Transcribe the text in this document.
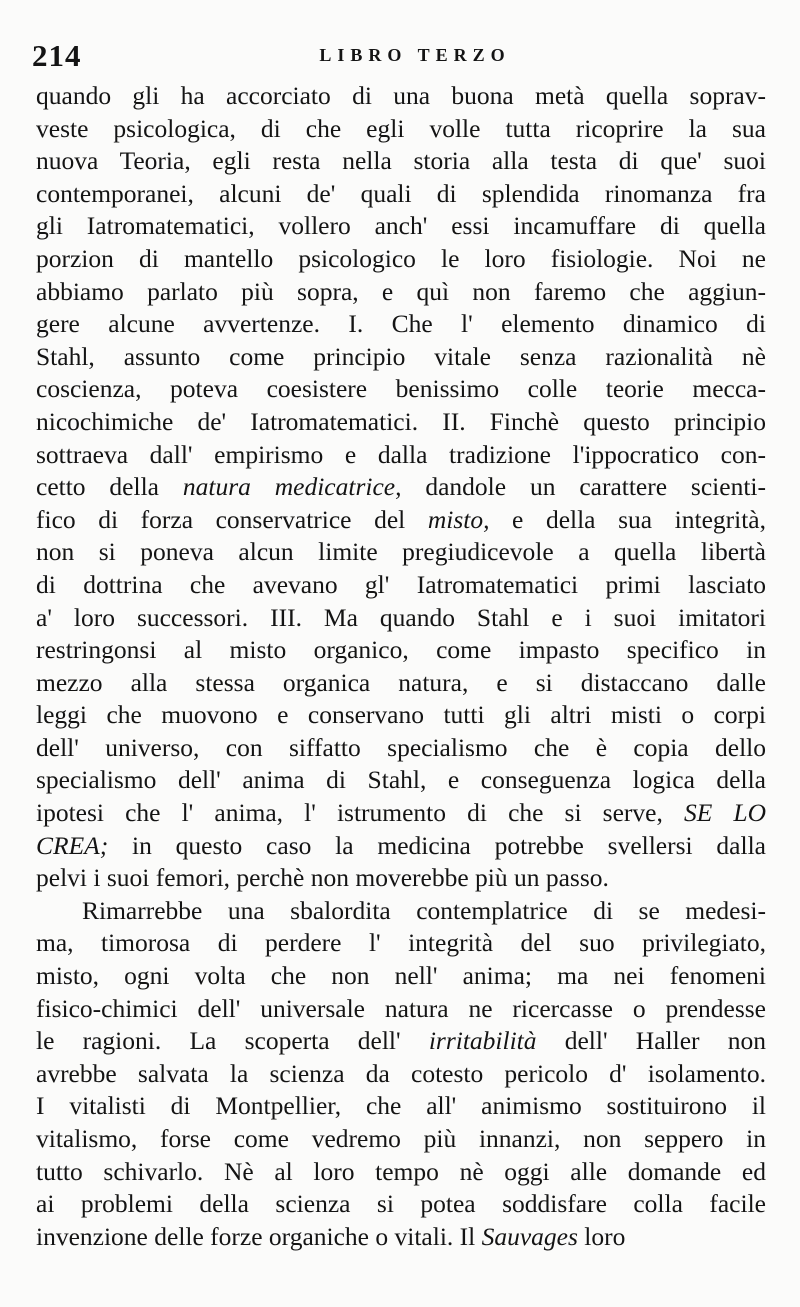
214	LIBRO TERZO
quando gli ha accorciato di una buona metà quella soprav-
veste psicologica, di che egli volle tutta ricoprire la sua
nuova Teoria, egli resta nella storia alla testa di que' suoi
contemporanei, alcuni de' quali di splendida rinomanza fra
gli Iatromatematici, vollero anch' essi incamuffare di quella
porzion di mantello psicologico le loro fisiologie. Noi ne
abbiamo parlato più sopra, e quì non faremo che aggiun-
gere alcune avvertenze. I. Che l' elemento dinamico di
Stahl, assunto come principio vitale senza razionalità nè
coscienza, poteva coesistere benissimo colle teorie mecca-
nicochimiche de' Iatromatematici. II. Finchè questo principio
sottraeva dall' empirismo e dalla tradizione l'ippocratico con-
cetto della natura medicatrice, dandole un carattere scienti-
fico di forza conservatrice del misto, e della sua integrità,
non si poneva alcun limite pregiudicevole a quella libertà
di dottrina che avevano gl' Iatromatematici primi lasciato
a' loro successori. III. Ma quando Stahl e i suoi imitatori
restringonsi al misto organico, come impasto specifico in
mezzo alla stessa organica natura, e si distaccano dalle
leggi che muovono e conservano tutti gli altri misti o corpi
dell' universo, con siffatto specialismo che è copia dello
specialismo dell' anima di Stahl, e conseguenza logica della
ipotesi che l' anima, l' istrumento di che si serve, SE LO
CREA; in questo caso la medicina potrebbe svellersi dalla
pelvi i suoi femori, perchè non moverebbe più un passo.
Rimarrebbe una sbalordita contemplatrice di se medesi-
ma, timorosa di perdere l' integrità del suo privilegiato,
misto, ogni volta che non nell' anima; ma nei fenomeni
fisico-chimici dell' universale natura ne ricercasse o prendesse
le ragioni. La scoperta dell' irritabilità dell' Haller non
avrebbe salvata la scienza da cotesto pericolo d' isolamento.
I vitalisti di Montpellier, che all' animismo sostituirono il
vitalismo, forse come vedremo più innanzi, non seppero in
tutto schivarlo. Nè al loro tempo nè oggi alle domande ed
ai problemi della scienza si potea soddisfare colla facile
invenzione delle forze organiche o vitali. Il Sauvages loro
